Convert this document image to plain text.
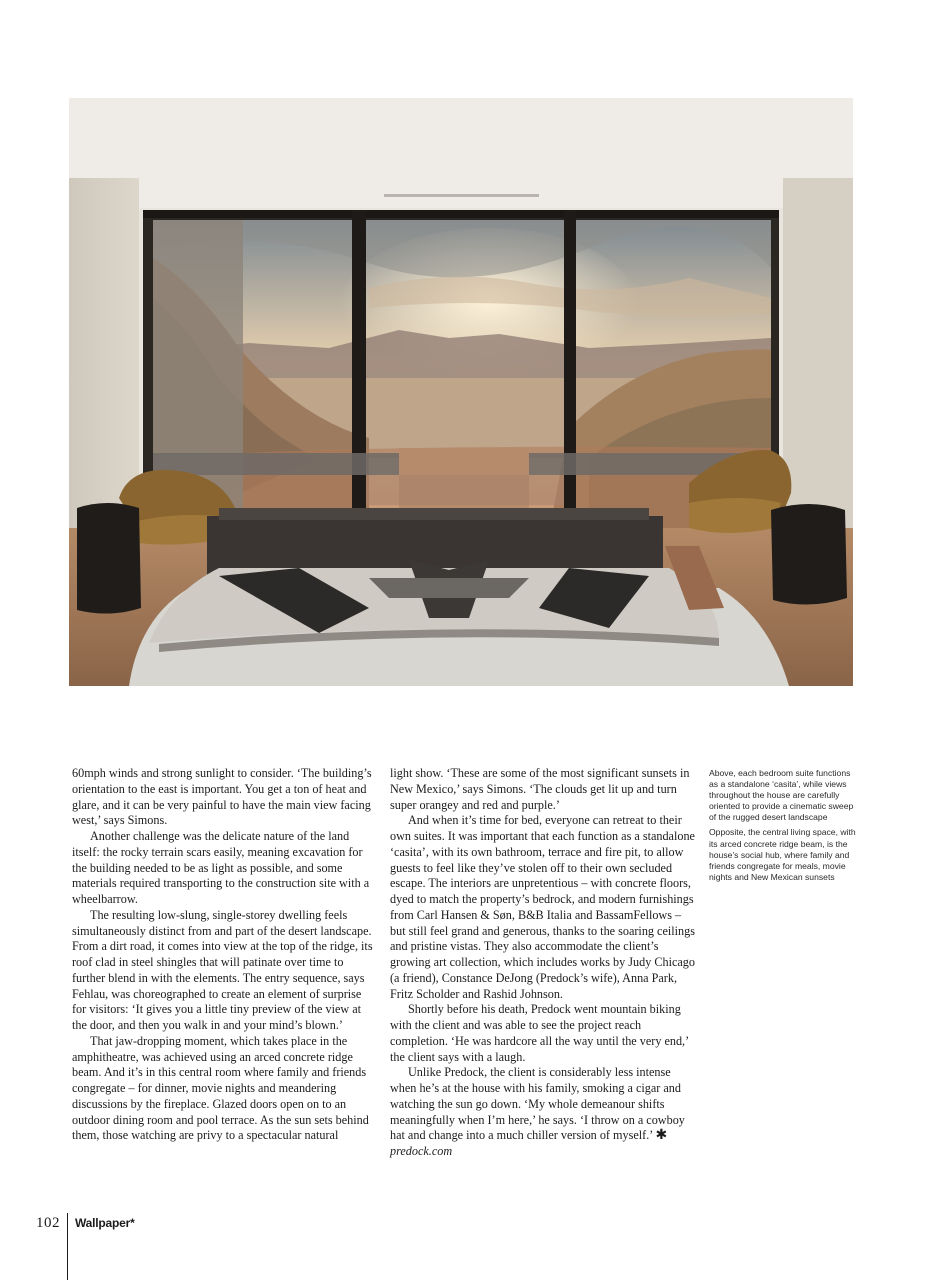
60mph winds and strong sunlight to consider. ‘The building’s orientation to the east is important. You get a ton of heat and glare, and it can be very painful to have the main view facing west,’ says Simons.

Another challenge was the delicate nature of the land itself: the rocky terrain scars easily, meaning excavation for the building needed to be as light as possible, and some materials required transporting to the construction site with a wheelbarrow.

The resulting low-slung, single-storey dwelling feels simultaneously distinct from and part of the desert landscape. From a dirt road, it comes into view at the top of the ridge, its roof clad in steel shingles that will patinate over time to further blend in with the elements. The entry sequence, says Fehlau, was choreographed to create an element of surprise for visitors: ‘It gives you a little tiny preview of the view at the door, and then you walk in and your mind’s blown.’

That jaw-dropping moment, which takes place in the amphitheatre, was achieved using an arced concrete ridge beam. And it’s in this central room where family and friends congregate – for dinner, movie nights and meandering discussions by the fireplace. Glazed doors open on to an outdoor dining room and pool terrace. As the sun sets behind them, those watching are privy to a spectacular natural

light show. ‘These are some of the most significant sunsets in New Mexico,’ says Simons. ‘The clouds get lit up and turn super orangey and red and purple.’

And when it’s time for bed, everyone can retreat to their own suites. It was important that each function as a standalone ‘casita’, with its own bathroom, terrace and fire pit, to allow guests to feel like they’ve stolen off to their own secluded escape. The interiors are unpretentious – with concrete floors, dyed to match the property’s bedrock, and modern furnishings from Carl Hansen & Søn, B&B Italia and BassamFellows – but still feel grand and generous, thanks to the soaring ceilings and pristine vistas. They also accommodate the client’s growing art collection, which includes works by Judy Chicago (a friend), Constance DeJong (Predock’s wife), Anna Park, Fritz Scholder and Rashid Johnson.

Shortly before his death, Predock went mountain biking with the client and was able to see the project reach completion. ‘He was hardcore all the way until the very end,’ the client says with a laugh.

Unlike Predock, the client is considerably less intense when he’s at the house with his family, smoking a cigar and watching the sun go down. ‘My whole demeanour shifts meaningfully when I’m here,’ he says. ‘I throw on a cowboy hat and change into a much chiller version of myself.’ ✱ predock.com

Above, each bedroom suite functions as a standalone ‘casita’, while views throughout the house are carefully oriented to provide a cinematic sweep of the rugged desert landscape

Opposite, the central living space, with its arced concrete ridge beam, is the house’s social hub, where family and friends congregate for meals, movie nights and New Mexican sunsets

102	Wallpaper*
